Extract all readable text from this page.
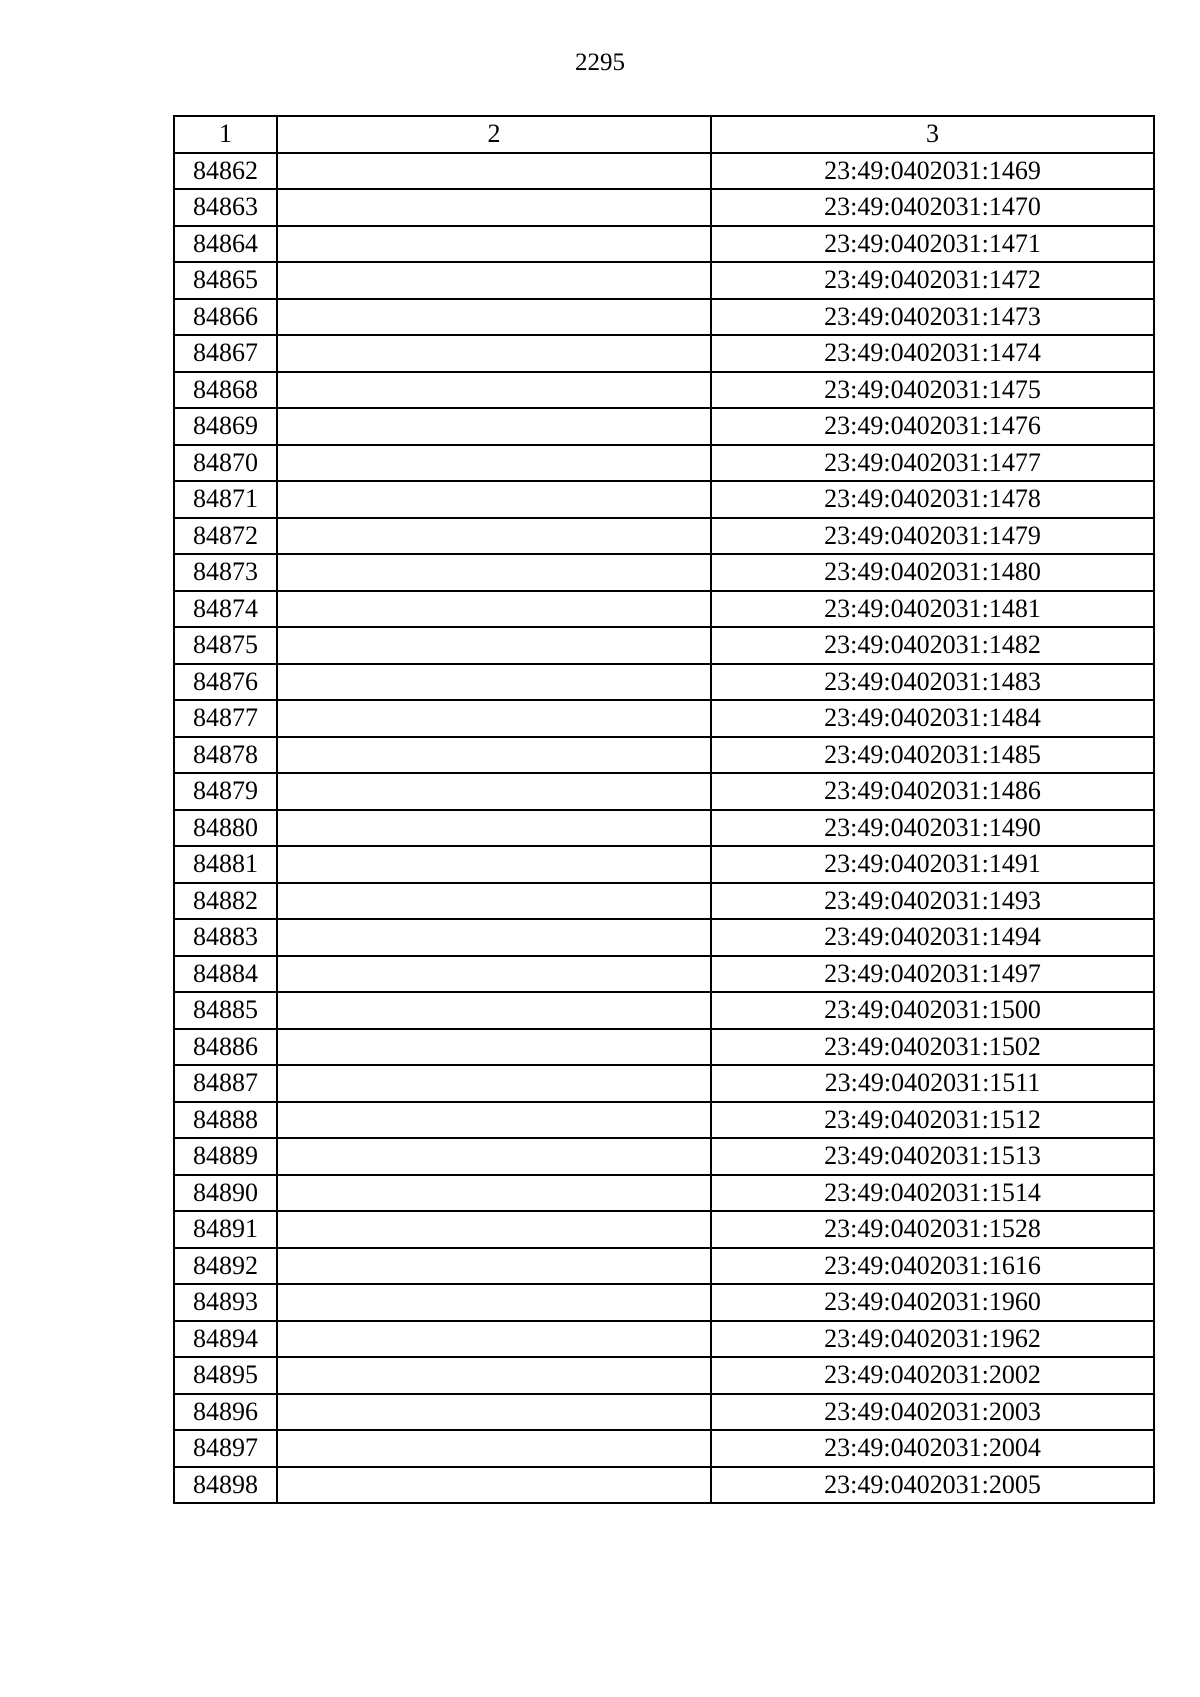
2295
1	2	3
84862		23:49:0402031:1469
84863		23:49:0402031:1470
84864		23:49:0402031:1471
84865		23:49:0402031:1472
84866		23:49:0402031:1473
84867		23:49:0402031:1474
84868		23:49:0402031:1475
84869		23:49:0402031:1476
84870		23:49:0402031:1477
84871		23:49:0402031:1478
84872		23:49:0402031:1479
84873		23:49:0402031:1480
84874		23:49:0402031:1481
84875		23:49:0402031:1482
84876		23:49:0402031:1483
84877		23:49:0402031:1484
84878		23:49:0402031:1485
84879		23:49:0402031:1486
84880		23:49:0402031:1490
84881		23:49:0402031:1491
84882		23:49:0402031:1493
84883		23:49:0402031:1494
84884		23:49:0402031:1497
84885		23:49:0402031:1500
84886		23:49:0402031:1502
84887		23:49:0402031:1511
84888		23:49:0402031:1512
84889		23:49:0402031:1513
84890		23:49:0402031:1514
84891		23:49:0402031:1528
84892		23:49:0402031:1616
84893		23:49:0402031:1960
84894		23:49:0402031:1962
84895		23:49:0402031:2002
84896		23:49:0402031:2003
84897		23:49:0402031:2004
84898		23:49:0402031:2005
